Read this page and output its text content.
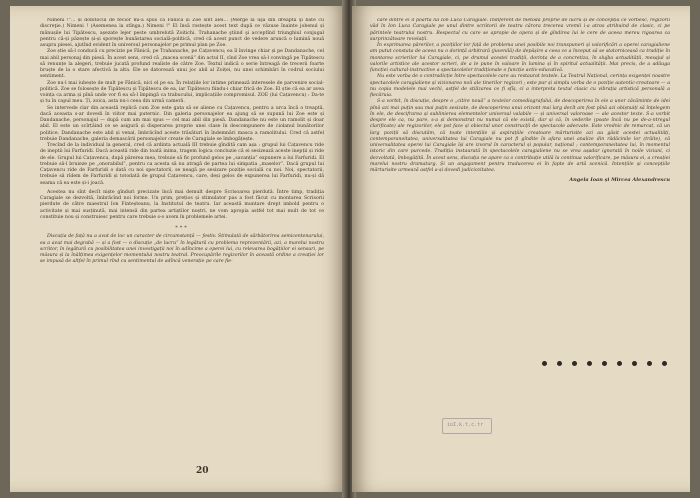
Nimeni !"... și dobitocul de fecior mi-a spus că Fănică și Zoe sînt alei... (Merge la uşa din dreapta şi bate cu discreţie.) Nimeni ! (Asemenea la stînga.) Nimeni !" El însă rostește acest text după ce văzuse înainte jobenul și mănușile lui Tipătescu, așezate lejer peste umbrelută Zoitichi. Trahanache ştiind şi acceptînd triunghiul conjugal pentru că-și păzește și-și sporește bunăstarea socială-politică, cred că acest punct de vedere aruncă o lumină nouă asupra piesei, ajutînd evident în universul personajelor pe primul plan pe Zoe.

Zoe știe să-l conducă cu precizie pe Fănică, pe Trahanache, pe Cațavencu; ea îl învinge chiar și pe Dandanache, cel mai abil personaj din piesă. În acest sens, cred că „macea scenă” din actul II, cînd Zoe vrea să-l convingă pe Tipătescu să renunțe la alegeri, trebuie jucată profund realiste de către Zoe. Textul indică o serie întreagă de trecerii foarte bruște de la o stare afectivă la alta. Ele se datorează unui joc abil al Zoiței, nu unei schimbări în codrul sociului sentiment.

Zoe nu-l mai iubește de mult pe Fănică, nici el pe ea. În relațiile lor intime primează interesele de parvenire social-politică. Zoe se folosește de Tipătescu și Tipătescu de ea, iar Tipătescu fiindu-i chiar frică de Zoe. El știe că ea ar avea voința ca arma și pînă unde vor fi ea să-l împingă ca trabucului, implicațiile compromisul. ZOE (lui Cațavencu) : Da-te și tu în capul meu. Ți, zoica, asta nu-i ceea din urmă cameră.

Se intervede clar din această replică cum Zoe este gata să se aliene cu Cațavencu, pentru a urca încă o treaptă, dacă aceasta s-ar dovedi în viitor mai puternic. Din galeria personajelor ea ajung să se supună lui Zoe este și Dandanache, personajul — după cum am mai spus — cel mai abil din piesă. Dandanache nu este un ramolit și doar abil. El este un scîrțăind ce se asigură și disperarea proprie unei clase în descompunere de ciolanul bunătorilor politice. Dandanache este abil și venal, îmbrăcînd aceste trăsături în îndemnări masca a ramolitului. Cred că astfel trebuie Dandanache, galeria demascării personajelor create de Caragiale se îmbogățește.

Trecînd de la individual la general, cred că ardinta actuală III trebuie gîndită cam așa : grupul lui Cațavencu ride de ineptii lui Farfuridi. Dacă această ride din toată inima, tragem logica concluzie că ei sesizează aceste inepții și ride de ele. Grupul lui Cațavencu, după părerea mea, trebuie să fic profund gelos pe „savanția” expunere a lui Farfuridi. El trebuie să-l bruieze pe „onorabilul”, pentru ca acesta să nu atragă de partea lui simpatia „maselor”. Dacă grupul lui Cațavencu ride de Farfuridi o dată cu noi spectatorii, se neagă pe sesizare poziție socială cu noi. Noi, spectatorii, trebuie să rîdem de Farfuridi și totodată de grupul Cațavencu, care, deși gelos de expunerea lui Farfuridi, nu-și dă seama că ea este și-i joacă.

Acestea nu sînt decît niște gînduri precizate încă mai demult despre Scrisoarea pierdută. Între timp, tradiția Caragiale se dezvoltă, îmbrăcînd noi forme. Un prim, prețios și stimulator pas a fost făcut cu montarea Scrisorii pierdute de către maestrul Ion Finteșteanu, la Institutul de teatru. Iar această muntare drept imbold pentru o activitate și mai susținută, mai intensă din partea artiștilor noștri, ne vom apropia astfel tot mai mult de tot ce constituie nou și construiesc pentru care trebuie s-o avem în problemele artei.

***

Discuția de față nu a avut de loc un caracter de circumstanță — festiv. Stimulată de sărbătorirea semicentenarului, ea a avut mai degrabă — și a fost — o discuție „de lucru” în legătură cu problema reprezentării, azi, a marelui nostru scriitor, în legătură cu posibilitatea unei investigații noi în adîncime a operei lui, cu relevarea bogățiilor ei sensuri, pe măsura și la înălțimea exigențelor momentului nostru teatral. Preocupările regizorilor în această ordine a creației lor se impusă de altfel în primul rînd cu sentimentul de adîncă venerație pe care fie-

20

care dintre ei îl poartă lui Ion Luca Caragiale. Indiferent de metoda proprie de lucru și de concepția ce vorbesc, regizorii văd în Ion Luca Caragiale pe unul dintre scriitorii de teatru cărora trecerea vremii i-a atras atribuind de clasic, ci pe părintele teatrului nostru. Respectul cu care se apropie de opera și de gîndirea lui le cere de aceea mereu rigoarea ca surprinzătoare revelații.

În exprimarea părerilor, a pozițiilor lor față de problema unei posibile noi transpuneri și valorificări a operei caragialiene am putut constata de aceea nu o dorință arbitrară (juvenilă) de depășire a ceea ce a început să se statorniceasă ca tradiție în montarea scrierilor lui Caragiale, ci, pe drumul acestei tradiții, dorința de a concretiza, în slujba actualității, mesajul și valorile artistice ale acestor scrieri, de a le pune în valoare în lumina și în spiritul actualității. Mai precis, de a adăuga funcției cultural-instructive a spectacolelor tradiționale o funcție activ-educativă.

Nu este vorba de o contradicție între spectacolele care au restaurat textele. La Teatrul Național, cerința exigenței noastre spectacolele caragialiene și vizionarea noii ale tinerilor regizori ; este pur și simplu vorba de o poziție autentic-creatoare — a nu copia modelele mai vechi, astfel de stilizarea ce fi sfîș, ci a interpreta textul clasic cu vibrația artistică personală a fiecăruia.

S-a vorbit, în discuție, despre o „citire nouă” a textelor comediografului, de descoperirea în ele a unor zăcăminte de idei pînă azi mai puțin sau mai puțin sesizate, de descoperirea unui orizont mai larg decît am fost pînă azi obișnuiți să înțelegem în ele, de descifrarea și sublinierea elementelor universal valabile — și universal valoroase — ale acestor texte. S-a vorbit despre ele ca, nu pare, s-a și demonstrat nu numai că ele există, dar și că, în vederile (poate încă nu pe de-a-ntregul clarificate) ale regizorilor, ele pot face și obiectul unor construcții de spectacole adecvate. Este vrednic de remarcat, că un larg poziții să discutăm, că toate intențiile și aspirațiile creatoare mărturisite azi au găsit acestei actualități, contemporaneitatea, universalitatea lui Caragiale nu pot fi gîndite în afara unei analize din rădăcinile lor (trăite), că universalitatea operei lui Caragiale își are izvorul în caracterul și popular, național ; contemporaneitatea lui, în momentul istoric din care purcede. Tradiția instaurată în spectacolele caragialiene nu se vrea așadar ignorată în noile viziuni, ci dezvoltată, îmbogățită. În acest sens, discuția ne apare ca o contribuție utilă la continua valorificare, pe măsura ei, a creației marelui nostru dramaturg. Și un angajament pentru traducerea ei în fapte de artă scenică. Intențiile și concepțiile mărturisite urmează astfel a-și dovedi judiciozitatea.

Angela Ioan și Mircea Alexandrescu

ioI.k.t.c.tr
